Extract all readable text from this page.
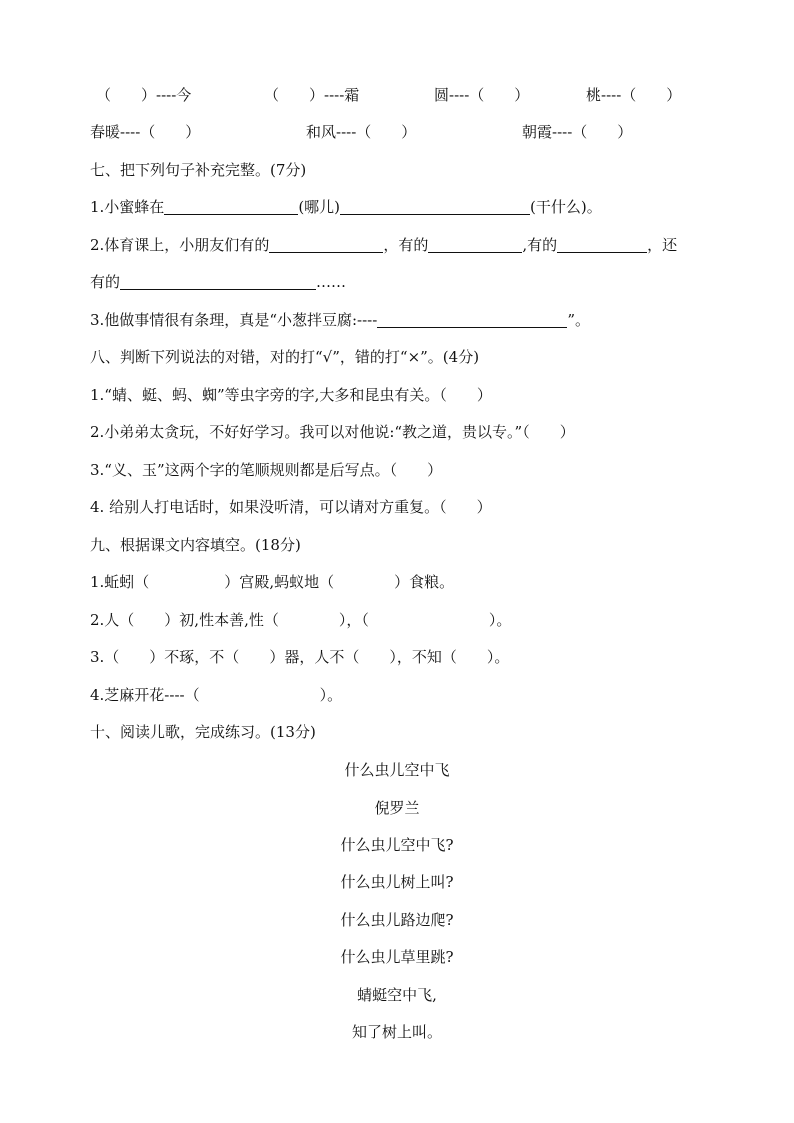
（　　）----今	（　　）----霜	圆----（　　）	桃----（　　）
春暖----（　　）	和风----（　　）	朝霞----（　　）
七、把下列句子补充完整。(7分)
1.小蜜蜂在	(哪儿)	(干什么)。
2.体育课上，小朋友们有的	，有的	,有的	，还
有的	……
3.他做事情很有条理，真是“小葱拌豆腐:----	”。
八、判断下列说法的对错，对的打“√”，错的打“×”。(4分)
1.“蜻、蜓、蚂、蜘”等虫字旁的字,大多和昆虫有关。（　　）
2.小弟弟太贪玩，不好好学习。我可以对他说:“教之道，贵以专。”（　　）
3.“义、玉”这两个字的笔顺规则都是后写点。（　　）
4. 给别人打电话时，如果没听清，可以请对方重复。（　　）
九、根据课文内容填空。(18分)
1.蚯蚓（　　　　　）宫殿,蚂蚁地（　　　　）食粮。
2.人（　　）初,性本善,性（　　　　），（　　　　　　　　）。
3.（　　）不琢，不（　　）器，人不（　　），不知（　　）。
4.芝麻开花----（　　　　　　　　）。
十、阅读儿歌，完成练习。(13分)
什么虫儿空中飞
倪罗兰
什么虫儿空中飞?
什么虫儿树上叫?
什么虫儿路边爬?
什么虫儿草里跳?
蜻蜓空中飞,
知了树上叫。
